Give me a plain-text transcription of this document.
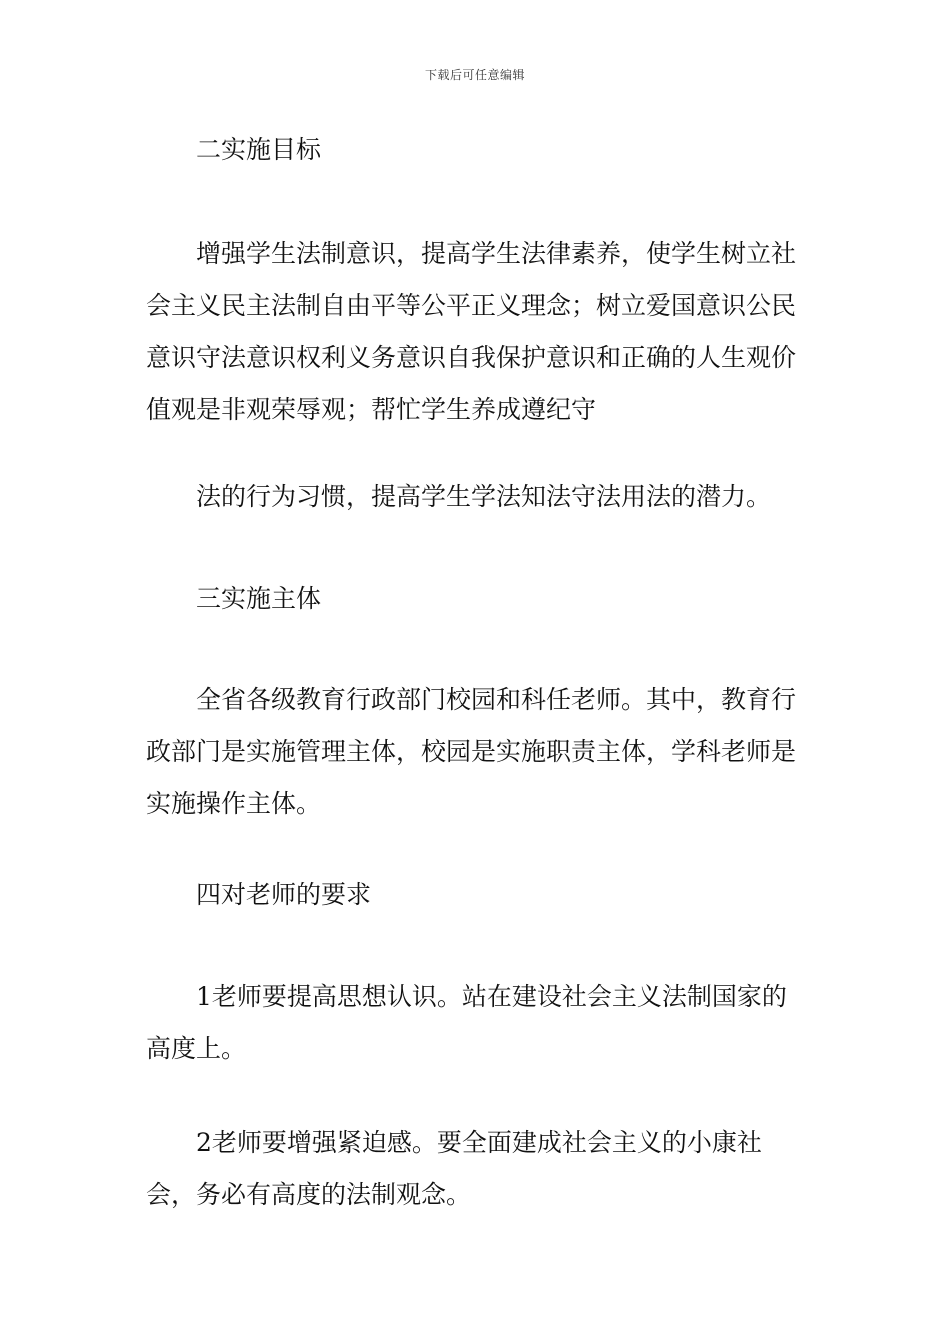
下载后可任意编辑

二实施目标

增强学生法制意识，提高学生法律素养，使学生树立社会主义民主法制自由平等公平正义理念；树立爱国意识公民意识守法意识权利义务意识自我保护意识和正确的人生观价值观是非观荣辱观；帮忙学生养成遵纪守

法的行为习惯，提高学生学法知法守法用法的潜力。

三实施主体

全省各级教育行政部门校园和科任老师。其中，教育行政部门是实施管理主体，校园是实施职责主体，学科老师是实施操作主体。

四对老师的要求

1老师要提高思想认识。站在建设社会主义法制国家的高度上。

2老师要增强紧迫感。要全面建成社会主义的小康社会，务必有高度的法制观念。
